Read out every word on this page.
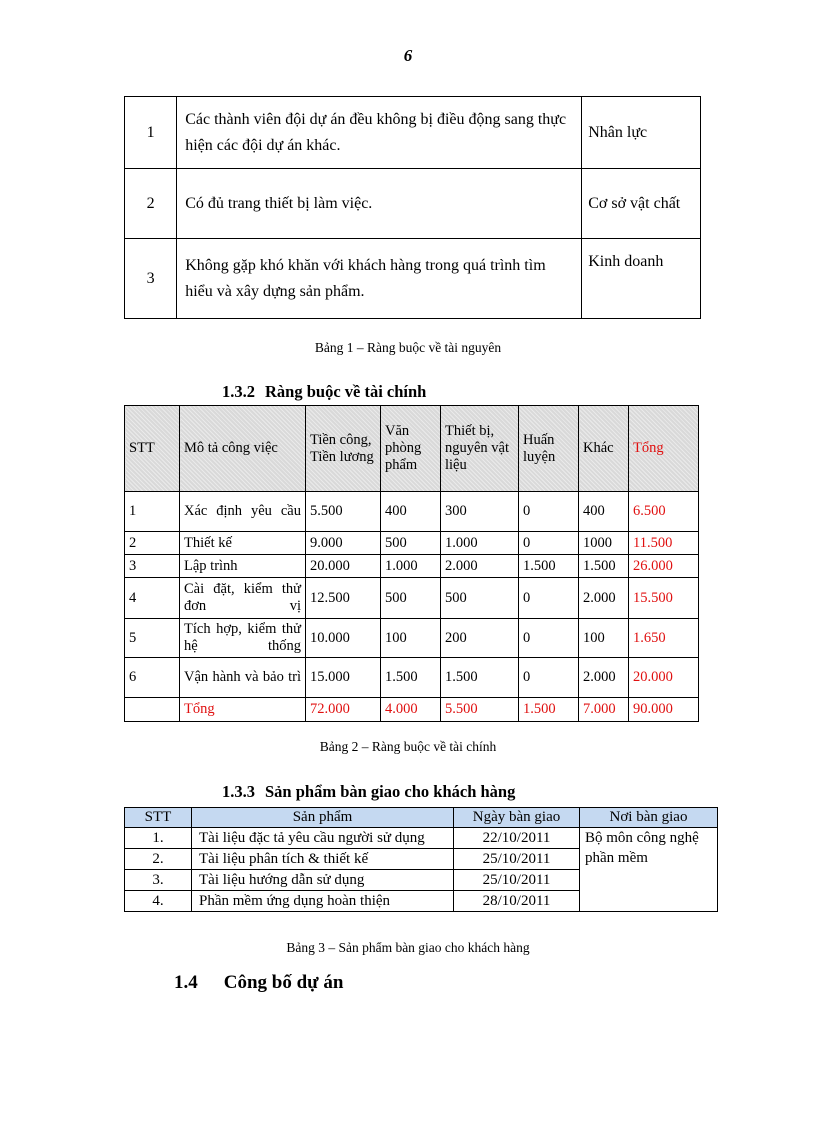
6
1	Các thành viên đội dự án đều không bị điều động sang thực hiện các đội dự án khác.	Nhân lực
2	Có đủ trang thiết bị làm việc.	Cơ sở vật chất
3	Không gặp khó khăn với khách hàng trong quá trình tìm hiểu và xây dựng sản phẩm.	Kinh doanh
Bảng 1 – Ràng buộc về tài nguyên
1.3.2 Ràng buộc về tài chính
STT	Mô tả công việc	Tiền công, Tiền lương	Văn phòng phẩm	Thiết bị, nguyên vật liệu	Huấn luyện	Khác	Tổng
1	Xác định yêu cầu	5.500	400	300	0	400	6.500
2	Thiết kế	9.000	500	1.000	0	1000	11.500
3	Lập trình	20.000	1.000	2.000	1.500	1.500	26.000
4	Cài đặt, kiểm thử đơn vị	12.500	500	500	0	2.000	15.500
5	Tích hợp, kiểm thử hệ thống	10.000	100	200	0	100	1.650
6	Vận hành và bảo trì	15.000	1.500	1.500	0	2.000	20.000
	Tổng	72.000	4.000	5.500	1.500	7.000	90.000
Bảng 2 – Ràng buộc về tài chính
1.3.3 Sản phẩm bàn giao cho khách hàng
STT	Sản phẩm	Ngày bàn giao	Nơi bàn giao
1.	Tài liệu đặc tả yêu cầu người sử dụng	22/10/2011	Bộ môn công nghệ phần mềm
2.	Tài liệu phân tích & thiết kế	25/10/2011	
3.	Tài liệu hướng dẫn sử dụng	25/10/2011	
4.	Phần mềm ứng dụng hoàn thiện	28/10/2011	
Bảng 3 – Sản phẩm bàn giao cho khách hàng
1.4 Công bố dự án
